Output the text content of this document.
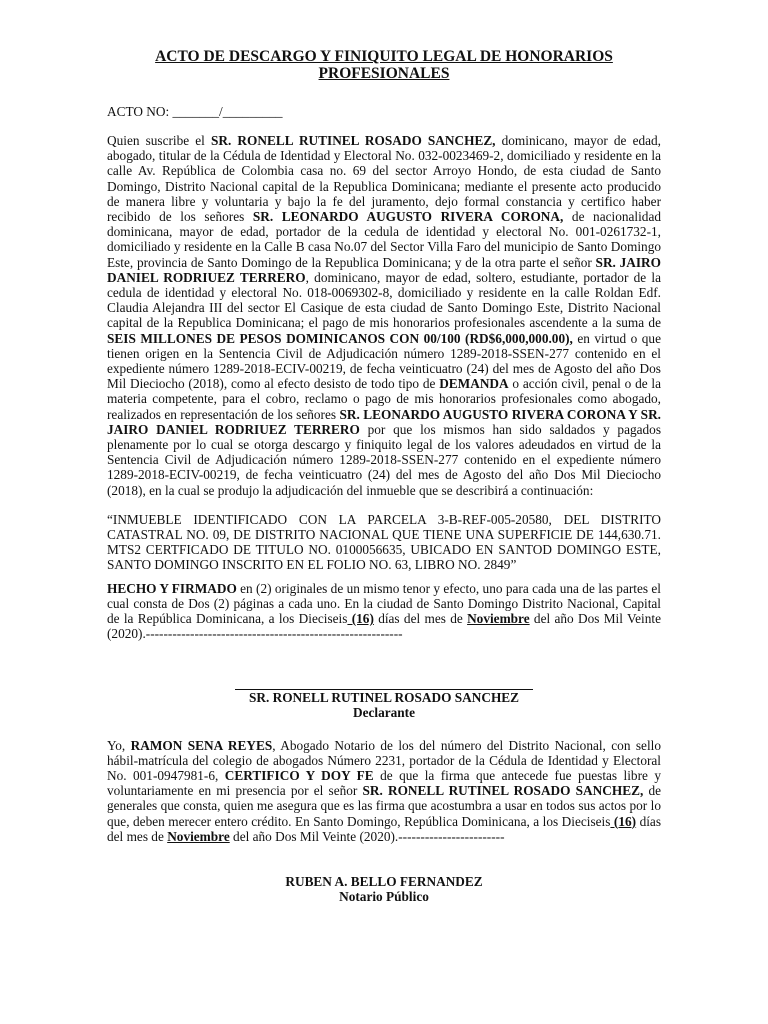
ACTO DE DESCARGO Y FINIQUITO LEGAL DE HONORARIOS
PROFESIONALES
ACTO NO: _______/_________

Quien suscribe el SR. RONELL RUTINEL ROSADO SANCHEZ, dominicano, mayor de edad, abogado, titular de la Cédula de Identidad y Electoral No. 032-0023469-2, domiciliado y residente en la calle Av. República de Colombia casa no. 69 del sector Arroyo Hondo, de esta ciudad de Santo Domingo, Distrito Nacional capital de la Republica Dominicana; mediante el presente acto producido de manera libre y voluntaria y bajo la fe del juramento, dejo formal constancia y certifico haber recibido de los señores SR. LEONARDO AUGUSTO RIVERA CORONA, de nacionalidad dominicana, mayor de edad, portador de la cedula de identidad y electoral No. 001-0261732-1, domiciliado y residente en la Calle B casa No.07 del Sector Villa Faro del municipio de Santo Domingo Este, provincia de Santo Domingo de la Republica Dominicana; y de la otra parte el señor SR. JAIRO DANIEL RODRIUEZ TERRERO, dominicano, mayor de edad, soltero, estudiante, portador de la cedula de identidad y electoral No. 018-0069302-8, domiciliado y residente en la calle Roldan Edf. Claudia Alejandra III del sector El Casique de esta ciudad de Santo Domingo Este, Distrito Nacional capital de la Republica Dominicana; el pago de mis honorarios profesionales ascendente a la suma de SEIS MILLONES DE PESOS DOMINICANOS CON 00/100 (RD$6,000,000.00), en virtud o que tienen origen en la Sentencia Civil de Adjudicación número 1289-2018-SSEN-277 contenido en el expediente número 1289-2018-ECIV-00219, de fecha veinticuatro (24) del mes de Agosto del año Dos Mil Dieciocho (2018), como al efecto desisto de todo tipo de DEMANDA o acción civil, penal o de la materia competente, para el cobro, reclamo o pago de mis honorarios profesionales como abogado, realizados en representación de los señores SR. LEONARDO AUGUSTO RIVERA CORONA Y SR. JAIRO DANIEL RODRIUEZ TERRERO por que los mismos han sido saldados y pagados plenamente por lo cual se otorga descargo y finiquito legal de los valores adeudados en virtud de la Sentencia Civil de Adjudicación número 1289-2018-SSEN-277 contenido en el expediente número 1289-2018-ECIV-00219, de fecha veinticuatro (24) del mes de Agosto del año Dos Mil Dieciocho (2018), en la cual se produjo la adjudicación del inmueble que se describirá a continuación:

“INMUEBLE IDENTIFICADO CON LA PARCELA 3-B-REF-005-20580, DEL DISTRITO CATASTRAL NO. 09, DE DISTRITO NACIONAL QUE TIENE UNA SUPERFICIE DE 144,630.71. MTS2 CERTFICADO DE TITULO NO. 0100056635, UBICADO EN SANTOD DOMINGO ESTE, SANTO DOMINGO INSCRITO EN EL FOLIO NO. 63, LIBRO NO. 2849”

HECHO Y FIRMADO en (2) originales de un mismo tenor y efecto, uno para cada una de las partes el cual consta de Dos (2) páginas a cada uno. En la ciudad de Santo Domingo Distrito Nacional, Capital de la República Dominicana, a los Dieciseis (16) días del mes de Noviembre del año Dos Mil Veinte (2020).----------------------------------------------------------

SR. RONELL RUTINEL ROSADO SANCHEZ
Declarante

Yo, RAMON SENA REYES, Abogado Notario de los del número del Distrito Nacional, con sello hábil-matrícula del colegio de abogados Número 2231, portador de la Cédula de Identidad y Electoral No. 001-0947981-6, CERTIFICO Y DOY FE de que la firma que antecede fue puestas libre y voluntariamente en mi presencia por el señor SR. RONELL RUTINEL ROSADO SANCHEZ, de generales que consta, quien me asegura que es las firma que acostumbra a usar en todos sus actos por lo que, deben merecer entero crédito. En Santo Domingo, República Dominicana, a los Dieciseis (16) días del mes de Noviembre del año Dos Mil Veinte (2020).------------------------

RUBEN A. BELLO FERNANDEZ
Notario Público
